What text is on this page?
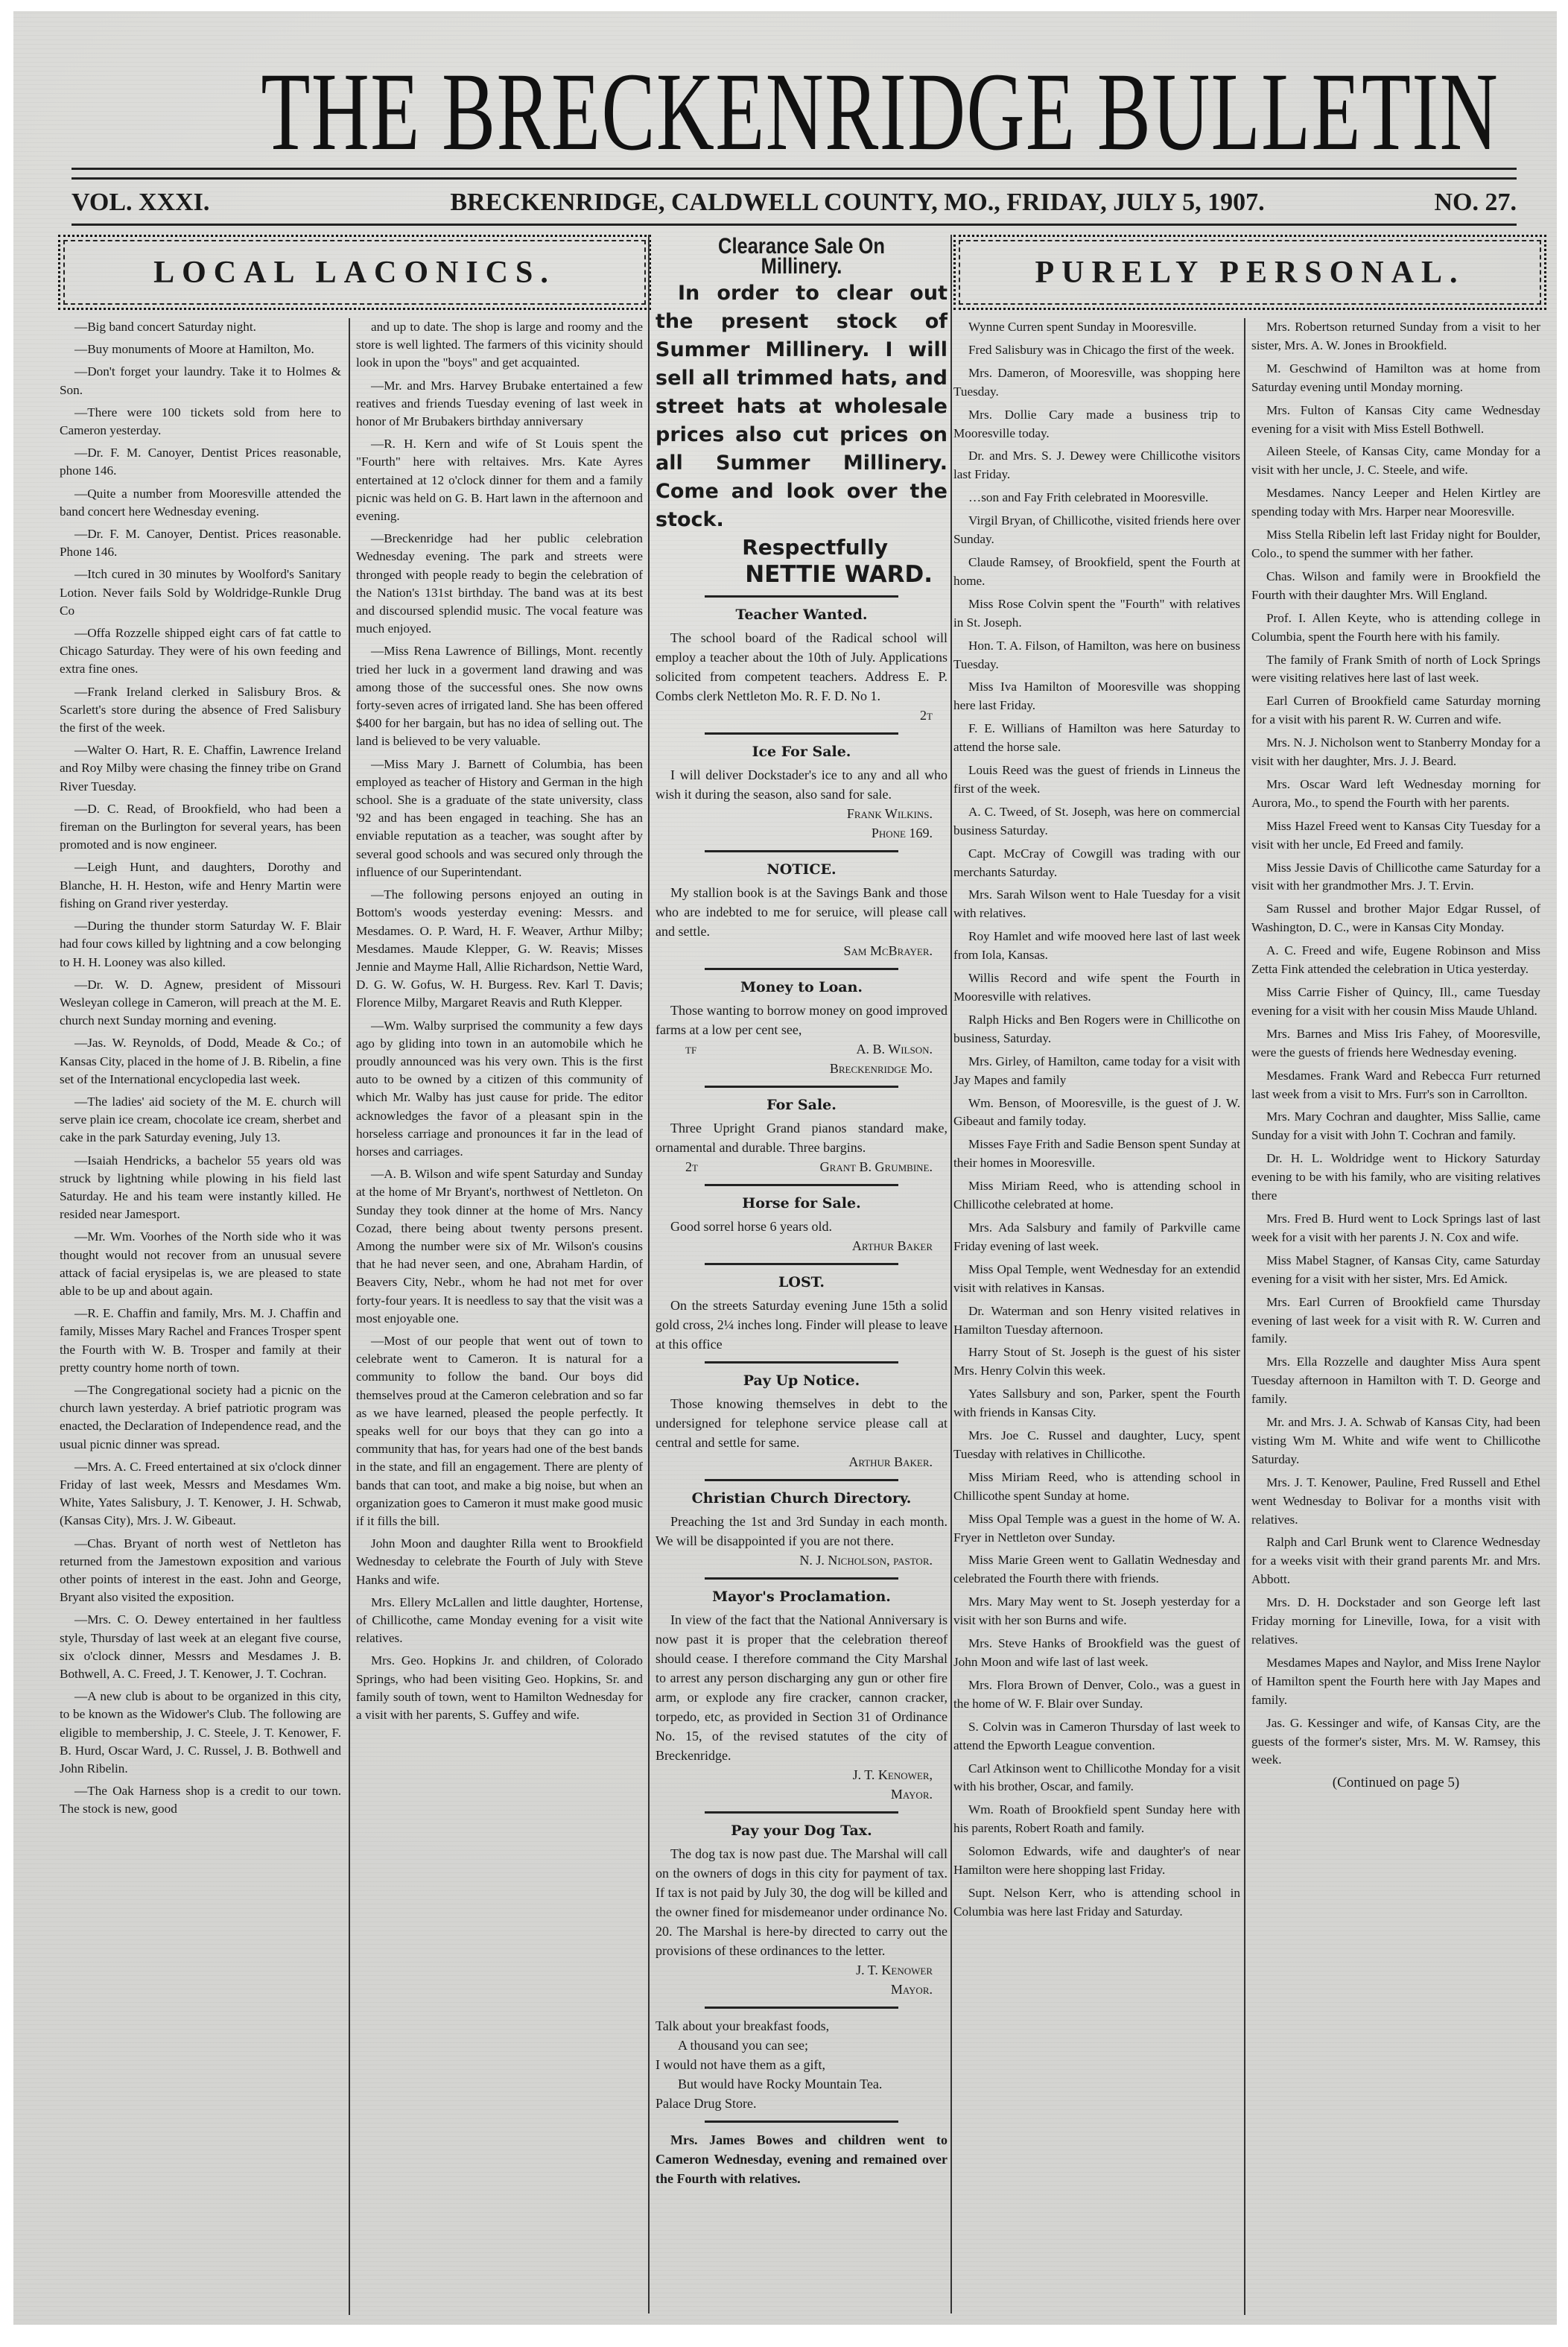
THE BRECKENRIDGE BULLETIN
VOL. XXXI.	BRECKENRIDGE, CALDWELL COUNTY, MO., FRIDAY, JULY 5, 1907.	NO. 27.
LOCAL LACONICS.

—Big band concert Saturday night.

—Buy monuments of Moore at Hamilton, Mo.

—Don't forget your laundry. Take it to Holmes & Son.

—There were 100 tickets sold from here to Cameron yesterday.

—Dr. F. M. Canoyer, Dentist Prices reasonable, phone 146.

—Quite a number from Mooresville attended the band concert here Wednesday evening.

—Dr. F. M. Canoyer, Dentist. Prices reasonable. Phone 146.

—Itch cured in 30 minutes by Woolford's Sanitary Lotion. Never fails Sold by Woldridge-Runkle Drug Co

—Offa Rozzelle shipped eight cars of fat cattle to Chicago Saturday. They were of his own feeding and extra fine ones.

—Frank Ireland clerked in Salisbury Bros. & Scarlett's store during the absence of Fred Salisbury the first of the week.

—Walter O. Hart, R. E. Chaffin, Lawrence Ireland and Roy Milby were chasing the finney tribe on Grand River Tuesday.

—D. C. Read, of Brookfield, who had been a fireman on the Burlington for several years, has been promoted and is now engineer.

—Leigh Hunt, and daughters, Dorothy and Blanche, H. H. Heston, wife and Henry Martin were fishing on Grand river yesterday.

—During the thunder storm Saturday W. F. Blair had four cows killed by lightning and a cow belonging to H. H. Looney was also killed.

—Dr. W. D. Agnew, president of Missouri Wesleyan college in Cameron, will preach at the M. E. church next Sunday morning and evening.

—Jas. W. Reynolds, of Dodd, Meade & Co.; of Kansas City, placed in the home of J. B. Ribelin, a fine set of the International encyclopedia last week.

—The ladies' aid society of the M. E. church will serve plain ice cream, chocolate ice cream, sherbet and cake in the park Saturday evening, July 13.

—Isaiah Hendricks, a bachelor 55 years old was struck by lightning while plowing in his field last Saturday. He and his team were instantly killed. He resided near Jamesport.

—Mr. Wm. Voorhes of the North side who it was thought would not recover from an unusual severe attack of facial erysipelas is, we are pleased to state able to be up and about again.

—R. E. Chaffin and family, Mrs. M. J. Chaffin and family, Misses Mary Rachel and Frances Trosper spent the Fourth with W. B. Trosper and family at their pretty country home north of town.

—The Congregational society had a picnic on the church lawn yesterday. A brief patriotic program was enacted, the Declaration of Independence read, and the usual picnic dinner was spread.

—Mrs. A. C. Freed entertained at six o'clock dinner Friday of last week, Messrs and Mesdames Wm. White, Yates Salisbury, J. T. Kenower, J. H. Schwab, (Kansas City), Mrs. J. W. Gibeaut.

—Chas. Bryant of north west of Nettleton has returned from the Jamestown exposition and various other points of interest in the east. John and George, Bryant also visited the exposition.

—Mrs. C. O. Dewey entertained in her faultless style, Thursday of last week at an elegant five course, six o'clock dinner, Messrs and Mesdames J. B. Bothwell, A. C. Freed, J. T. Kenower, J. T. Cochran.

—A new club is about to be organized in this city, to be known as the Widower's Club. The following are eligible to membership, J. C. Steele, J. T. Kenower, F. B. Hurd, Oscar Ward, J. C. Russel, J. B. Bothwell and John Ribelin.

—The Oak Harness shop is a credit to our town. The stock is new, good

and up to date. The shop is large and roomy and the store is well lighted. The farmers of this vicinity should look in upon the "boys" and get acquainted.

—Mr. and Mrs. Harvey Brubake entertained a few reatives and friends Tuesday evening of last week in honor of Mr Brubakers birthday anniversary

—R. H. Kern and wife of St Louis spent the "Fourth" here with reltaives. Mrs. Kate Ayres entertained at 12 o'clock dinner for them and a family picnic was held on G. B. Hart lawn in the afternoon and evening.

—Breckenridge had her public celebration Wednesday evening. The park and streets were thronged with people ready to begin the celebration of the Nation's 131st birthday. The band was at its best and discoursed splendid music. The vocal feature was much enjoyed.

—Miss Rena Lawrence of Billings, Mont. recently tried her luck in a goverment land drawing and was among those of the successful ones. She now owns forty-seven acres of irrigated land. She has been offered $400 for her bargain, but has no idea of selling out. The land is believed to be very valuable.

—Miss Mary J. Barnett of Columbia, has been employed as teacher of History and German in the high school. She is a graduate of the state university, class '92 and has been engaged in teaching. She has an enviable reputation as a teacher, was sought after by several good schools and was secured only through the influence of our Superintendant.

—The following persons enjoyed an outing in Bottom's woods yesterday evening: Messrs. and Mesdames. O. P. Ward, H. F. Weaver, Arthur Milby; Mesdames. Maude Klepper, G. W. Reavis; Misses Jennie and Mayme Hall, Allie Richardson, Nettie Ward, D. G. W. Gofus, W. H. Burgess. Rev. Karl T. Davis; Florence Milby, Margaret Reavis and Ruth Klepper.

—Wm. Walby surprised the community a few days ago by gliding into town in an automobile which he proudly announced was his very own. This is the first auto to be owned by a citizen of this community of which Mr. Walby has just cause for pride. The editor acknowledges the favor of a pleasant spin in the horseless carriage and pronounces it far in the lead of horses and carriages.

—A. B. Wilson and wife spent Saturday and Sunday at the home of Mr Bryant's, northwest of Nettleton. On Sunday they took dinner at the home of Mrs. Nancy Cozad, there being about twenty persons present. Among the number were six of Mr. Wilson's cousins that he had never seen, and one, Abraham Hardin, of Beavers City, Nebr., whom he had not met for over forty-four years. It is needless to say that the visit was a most enjoyable one.

—Most of our people that went out of town to celebrate went to Cameron. It is natural for a community to follow the band. Our boys did themselves proud at the Cameron celebration and so far as we have learned, pleased the people perfectly. It speaks well for our boys that they can go into a community that has, for years had one of the best bands in the state, and fill an engagement. There are plenty of bands that can toot, and make a big noise, but when an organization goes to Cameron it must make good music if it fills the bill.

John Moon and daughter Rilla went to Brookfield Wednesday to celebrate the Fourth of July with Steve Hanks and wife.

Mrs. Ellery McLallen and little daughter, Hortense, of Chillicothe, came Monday evening for a visit wite relatives.

Mrs. Geo. Hopkins Jr. and children, of Colorado Springs, who had been visiting Geo. Hopkins, Sr. and family south of town, went to Hamilton Wednesday for a visit with her parents, S. Guffey and wife.

Clearance Sale On Millinery.
In order to clear out the present stock of Summer Millinery. I will sell all trimmed hats, and street hats at wholesale prices also cut prices on all Summer Millinery. Come and look over the stock.
Respectfully
NETTIE WARD.
Teacher Wanted.

The school board of the Radical school will employ a teacher about the 10th of July. Applications solicited from competent teachers. Address E. P. Combs clerk Nettleton Mo. R. F. D. No 1.

2t

Ice For Sale.

I will deliver Dockstader's ice to any and all who wish it during the season, also sand for sale.

Frank Wilkins.

Phone 169.

NOTICE.

My stallion book is at the Savings Bank and those who are indebted to me for seruice, will please call and settle.

Sam McBrayer.

Money to Loan.

Those wanting to borrow money on good improved farms at a low per cent see,

tf	A. B. Wilson.

Breckenridge Mo.

For Sale.

Three Upright Grand pianos standard make, ornamental and durable. Three bargins.

2t	Grant B. Grumbine.

Horse for Sale.

Good sorrel horse 6 years old.

Arthur Baker

LOST.

On the streets Saturday evening June 15th a solid gold cross, 2¼ inches long. Finder will please to leave at this office

Pay Up Notice.

Those knowing themselves in debt to the undersigned for telephone service please call at central and settle for same.

Arthur Baker.

Christian Church Directory.

Preaching the 1st and 3rd Sunday in each month. We will be disappointed if you are not there.

N. J. Nicholson, pastor.

Mayor's Proclamation.

In view of the fact that the National Anniversary is now past it is proper that the celebration thereof should cease. I therefore command the City Marshal to arrest any person discharging any gun or other fire arm, or explode any fire cracker, cannon cracker, torpedo, etc, as provided in Section 31 of Ordinance No. 15, of the revised statutes of the city of Breckenridge.

J. T. Kenower,

Mayor.

Pay your Dog Tax.

The dog tax is now past due. The Marshal will call on the owners of dogs in this city for payment of tax. If tax is not paid by July 30, the dog will be killed and the owner fined for misdemeanor under ordinance No. 20. The Marshal is here-by directed to carry out the provisions of these ordinances to the letter.

J. T. Kenower

Mayor.

Talk about your breakfast foods,

A thousand you can see;

I would not have them as a gift,

But would have Rocky Mountain Tea.

Palace Drug Store.

Mrs. James Bowes and children went to Cameron Wednesday, evening and remained over the Fourth with relatives.

PURELY PERSONAL.

Wynne Curren spent Sunday in Mooresville.

Fred Salisbury was in Chicago the first of the week.

Mrs. Dameron, of Mooresville, was shopping here Tuesday.

Mrs. Dollie Cary made a business trip to Mooresville today.

Dr. and Mrs. S. J. Dewey were Chillicothe visitors last Friday.

…son and Fay Frith celebrated in Mooresville.

Virgil Bryan, of Chillicothe, visited friends here over Sunday.

Claude Ramsey, of Brookfield, spent the Fourth at home.

Miss Rose Colvin spent the "Fourth" with relatives in St. Joseph.

Hon. T. A. Filson, of Hamilton, was here on business Tuesday.

Miss Iva Hamilton of Mooresville was shopping here last Friday.

F. E. Willians of Hamilton was here Saturday to attend the horse sale.

Louis Reed was the guest of friends in Linneus the first of the week.

A. C. Tweed, of St. Joseph, was here on commercial business Saturday.

Capt. McCray of Cowgill was trading with our merchants Saturday.

Mrs. Sarah Wilson went to Hale Tuesday for a visit with relatives.

Roy Hamlet and wife mooved here last of last week from Iola, Kansas.

Willis Record and wife spent the Fourth in Mooresville with relatives.

Ralph Hicks and Ben Rogers were in Chillicothe on business, Saturday.

Mrs. Girley, of Hamilton, came today for a visit with Jay Mapes and family

Wm. Benson, of Mooresville, is the guest of J. W. Gibeaut and family today.

Misses Faye Frith and Sadie Benson spent Sunday at their homes in Mooresville.

Miss Miriam Reed, who is attending school in Chillicothe celebrated at home.

Mrs. Ada Salsbury and family of Parkville came Friday evening of last week.

Miss Opal Temple, went Wednesday for an extendid visit with relatives in Kansas.

Dr. Waterman and son Henry visited relatives in Hamilton Tuesday afternoon.

Harry Stout of St. Joseph is the guest of his sister Mrs. Henry Colvin this week.

Yates Sallsbury and son, Parker, spent the Fourth with friends in Kansas City.

Mrs. Joe C. Russel and daughter, Lucy, spent Tuesday with relatives in Chillicothe.

Miss Miriam Reed, who is attending school in Chillicothe spent Sunday at home.

Miss Opal Temple was a guest in the home of W. A. Fryer in Nettleton over Sunday.

Miss Marie Green went to Gallatin Wednesday and celebrated the Fourth there with friends.

Mrs. Mary May went to St. Joseph yesterday for a visit with her son Burns and wife.

Mrs. Steve Hanks of Brookfield was the guest of John Moon and wife last of last week.

Mrs. Flora Brown of Denver, Colo., was a guest in the home of W. F. Blair over Sunday.

S. Colvin was in Cameron Thursday of last week to attend the Epworth League convention.

Carl Atkinson went to Chillicothe Monday for a visit with his brother, Oscar, and family.

Wm. Roath of Brookfield spent Sunday here with his parents, Robert Roath and family.

Solomon Edwards, wife and daughter's of near Hamilton were here shopping last Friday.

Supt. Nelson Kerr, who is attending school in Columbia was here last Friday and Saturday.

Mrs. Robertson returned Sunday from a visit to her sister, Mrs. A. W. Jones in Brookfield.

M. Geschwind of Hamilton was at home from Saturday evening until Monday morning.

Mrs. Fulton of Kansas City came Wednesday evening for a visit with Miss Estell Bothwell.

Aileen Steele, of Kansas City, came Monday for a visit with her uncle, J. C. Steele, and wife.

Mesdames. Nancy Leeper and Helen Kirtley are spending today with Mrs. Harper near Mooresville.

Miss Stella Ribelin left last Friday night for Boulder, Colo., to spend the summer with her father.

Chas. Wilson and family were in Brookfield the Fourth with their daughter Mrs. Will England.

Prof. I. Allen Keyte, who is attending college in Columbia, spent the Fourth here with his family.

The family of Frank Smith of north of Lock Springs were visiting relatives here last of last week.

Earl Curren of Brookfield came Saturday morning for a visit with his parent R. W. Curren and wife.

Mrs. N. J. Nicholson went to Stanberry Monday for a visit with her daughter, Mrs. J. J. Beard.

Mrs. Oscar Ward left Wednesday morning for Aurora, Mo., to spend the Fourth with her parents.

Miss Hazel Freed went to Kansas City Tuesday for a visit with her uncle, Ed Freed and family.

Miss Jessie Davis of Chillicothe came Saturday for a visit with her grandmother Mrs. J. T. Ervin.

Sam Russel and brother Major Edgar Russel, of Washington, D. C., were in Kansas City Monday.

A. C. Freed and wife, Eugene Robinson and Miss Zetta Fink attended the celebration in Utica yesterday.

Miss Carrie Fisher of Quincy, Ill., came Tuesday evening for a visit with her cousin Miss Maude Uhland.

Mrs. Barnes and Miss Iris Fahey, of Mooresville, were the guests of friends here Wednesday evening.

Mesdames. Frank Ward and Rebecca Furr returned last week from a visit to Mrs. Furr's son in Carrollton.

Mrs. Mary Cochran and daughter, Miss Sallie, came Sunday for a visit with John T. Cochran and family.

Dr. H. L. Woldridge went to Hickory Saturday evening to be with his family, who are visiting relatives there

Mrs. Fred B. Hurd went to Lock Springs last of last week for a visit with her parents J. N. Cox and wife.

Miss Mabel Stagner, of Kansas City, came Saturday evening for a visit with her sister, Mrs. Ed Amick.

Mrs. Earl Curren of Brookfield came Thursday evening of last week for a visit with R. W. Curren and family.

Mrs. Ella Rozzelle and daughter Miss Aura spent Tuesday afternoon in Hamilton with T. D. George and family.

Mr. and Mrs. J. A. Schwab of Kansas City, had been visting Wm M. White and wife went to Chillicothe Saturday.

Mrs. J. T. Kenower, Pauline, Fred Russell and Ethel went Wednesday to Bolivar for a months visit with relatives.

Ralph and Carl Brunk went to Clarence Wednesday for a weeks visit with their grand parents Mr. and Mrs. Abbott.

Mrs. D. H. Dockstader and son George left last Friday morning for Lineville, Iowa, for a visit with relatives.

Mesdames Mapes and Naylor, and Miss Irene Naylor of Hamilton spent the Fourth here with Jay Mapes and family.

Jas. G. Kessinger and wife, of Kansas City, are the guests of the former's sister, Mrs. M. W. Ramsey, this week.

(Continued on page 5)
